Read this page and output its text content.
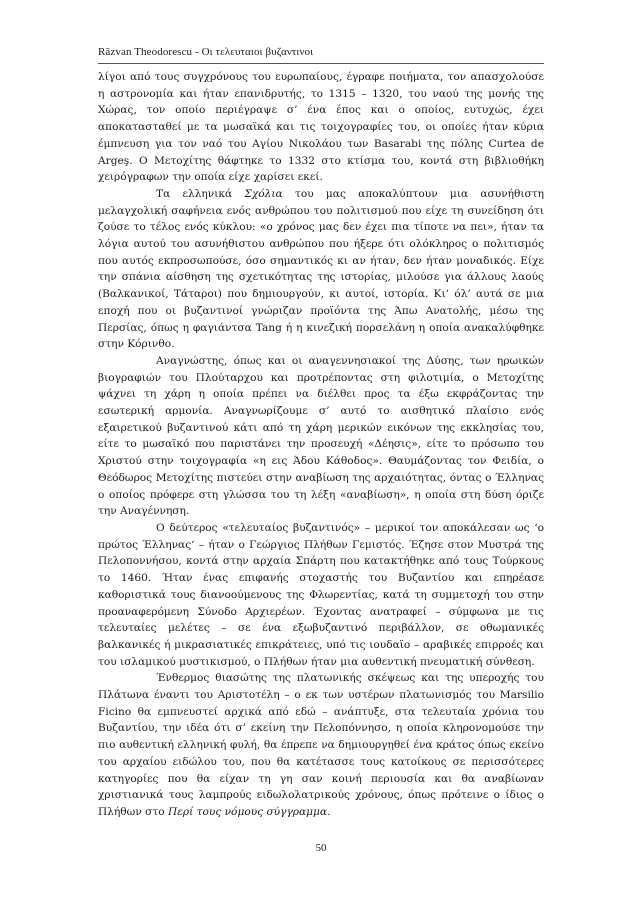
Răzvan Theodorescu - Οι τελευταιοι βυζαντινοι

λίγοι από τους συγχρόνους του ευρωπαίους, έγραφε ποιήματα, τον απασχολούσε η αστρονομία και ήταν επανιδρυτής, το 1315 – 1320, του ναού της μονής της Χώρας, τον οποίο περιέγραψε σ’ ένα έπος και ο οποίος, ευτυχώς, έχει αποκατασταθεί με τα μωσαϊκά και τις τοιχογραφίες του, οι οποίες ήταν κύρια έμπνευση για τον ναό του Αγίου Νικολάου των Basarabi της πόλης Curtea de Argeş. Ο Μετοχίτης θάφτηκε το 1332 στο κτίσμα του, κοντά στη βιβλιοθήκη χειρόγραφων την οποία είχε χαρίσει εκεί.

Τα ελληνικά Σχόλια του μας αποκαλύπτουν μια ασυνήθιστη μελαγχολική σαφήνεια ενός ανθρώπου του πολιτισμού που είχε τη συνείδηση ότι ζούσε το τέλος ενός κύκλου: «ο χρόνος μας δεν έχει πια τίποτε να πει», ήταν τα λόγια αυτού του ασυνήθιστου ανθρώπου που ήξερε ότι ολόκληρος ο πολιτισμός που αυτός εκπροσωπούσε, όσο σημαντικός κι αν ήταν, δεν ήταν μοναδικός. Είχε την σπάνια αίσθηση της σχετικότητας της ιστορίας, μιλούσε για άλλους λαούς (Βαλκανικοί, Τάταροι) που δημιουργούν, κι αυτοί, ιστορία. Κι’ όλ’ αυτά σε μια εποχή που οι βυζαντινοί γνώριζαν προϊόντα της Άπω Ανατολής, μέσω της Περσίας, όπως η φαγιάντσα Tang ή η κινεζική πορσελάνη η οποία ανακαλύφθηκε στην Κόρινθο.

Αναγνώστης, όπως και οι αναγεννησιακοί της Δύσης, των ηρωικών βιογραφιών του Πλούταρχου και προτρέποντας στη φιλοτιμία, ο Μετοχίτης ψάχνει τη χάρη η οποία πρέπει να διέλθει προς τα έξω εκφράζοντας την εσωτερική αρμονία. Αναγνωρίζουμε σ’ αυτό το αισθητικό πλαίσιο ενός εξαιρετικού βυζαντινού κάτι από τη χάρη μερικών εικόνων της εκκλησίας του, είτε το μωσαϊκό που παριστάνει την προσευχή «Δέησις», είτε το πρόσωπο του Χριστού στην τοιχογραφία «η εις Άδου Κάθοδος». Θαυμάζοντας τον Φειδία, ο Θεόδωρος Μετοχίτης πιστεύει στην αναβίωση της αρχαιότητας, όντας ο Έλληνας ο οποίος πρόφερε στη γλώσσα του τη λέξη «αναβίωση», η οποία στη δύση όριζε την Αναγέννηση.

Ο δεύτερος «τελευταίος βυζαντινός» – μερικοί τον αποκάλεσαν ως ‘ο πρώτος Έλληνας‘ – ήταν ο Γεώργιος Πλήθων Γεμιστός. Έζησε στον Μυστρά της Πελοποννήσου, κοντά στην αρχαία Σπάρτη που κατακτήθηκε από τους Τούρκους το 1460. Ήταν ένας επιφανής στοχαστής του Βυζαντίου και επηρέασε καθοριστικά τους διανοούμενους της Φλωρεντίας, κατά τη συμμετοχή του στην προαναφερόμενη Σύνοδο Αρχιερέων. Έχοντας ανατραφεί – σύμφωνα με τις τελευταίες μελέτες – σε ένα εξωβυζαντινό περιβάλλον, σε οθωμανικές βαλκανικές ή μικρασιατικές επικράτειες, υπό τις ιουδαϊο – αραβικές επιρροές και του ισλαμικού μυστικισμού, ο Πλήθων ήταν μια αυθεντική πνευματική σύνθεση.

Ένθερμος θιασώτης της πλατωνικής σκέψεως και της υπεροχής του Πλάτωνα έναντι του Αριστοτέλη – ο εκ των υστέρων πλατωνισμός του Marsilio Ficino θα εμπνευστεί αρχικά από εδώ – ανάπτυξε, στα τελευταία χρόνια του Βυζαντίου, την ιδέα ότι σ’ εκείνη την Πελοπόννησο, η οποία κληρονομούσε την πιο αυθεντική ελληνική φυλή, θα έπρεπε να δημιουργηθεί ένα κράτος όπως εκείνο του αρχαίου ειδώλου του, που θα κατέτασσε τους κατοίκους σε περισσότερες κατηγορίες που θα είχαν τη γη σαν κοινή περιουσία και θα αναβίωναν χριστιανικά τους λαμπρούς ειδωλολατρικούς χρόνους, όπως πρότεινε ο ίδιος ο Πλήθων στο Περί τους νόμους σύγγραμμα.

50
